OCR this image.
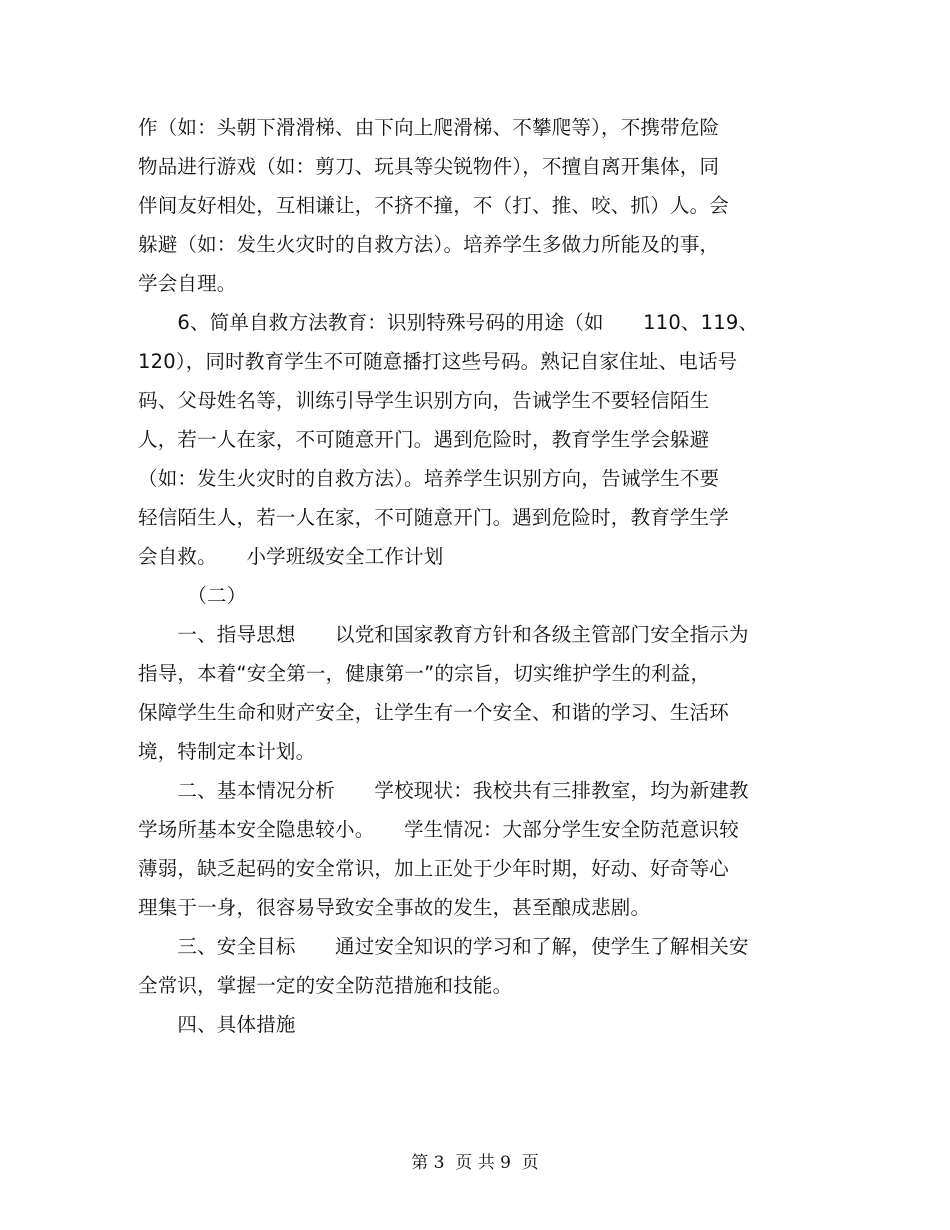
作（如：头朝下滑滑梯、由下向上爬滑梯、不攀爬等），不携带危险
物品进行游戏（如：剪刀、玩具等尖锐物件），不擅自离开集体，同
伴间友好相处，互相谦让，不挤不撞，不（打、推、咬、抓）人。会
躲避（如：发生火灾时的自救方法）。培养学生多做力所能及的事，
学会自理。
　　6、简单自救方法教育：识别特殊号码的用途（如　　110、119、
120），同时教育学生不可随意播打这些号码。熟记自家住址、电话号
码、父母姓名等，训练引导学生识别方向，告诫学生不要轻信陌生
人，若一人在家，不可随意开门。遇到危险时，教育学生学会躲避
（如：发生火灾时的自救方法）。培养学生识别方向，告诫学生不要
轻信陌生人，若一人在家，不可随意开门。遇到危险时，教育学生学
会自救。　　小学班级安全工作计划
　　　（二）
　　一、指导思想　　以党和国家教育方针和各级主管部门安全指示为
指导，本着“安全第一，健康第一”的宗旨，切实维护学生的利益，
保障学生生命和财产安全，让学生有一个安全、和谐的学习、生活环
境，特制定本计划。
　　二、基本情况分析　　学校现状：我校共有三排教室，均为新建教
学场所基本安全隐患较小。　　学生情况：大部分学生安全防范意识较
薄弱，缺乏起码的安全常识，加上正处于少年时期，好动、好奇等心
理集于一身，很容易导致安全事故的发生，甚至酿成悲剧。
　　三、安全目标　　通过安全知识的学习和了解，使学生了解相关安
全常识，掌握一定的安全防范措施和技能。
　　四、具体措施
第 3  页 共 9  页
